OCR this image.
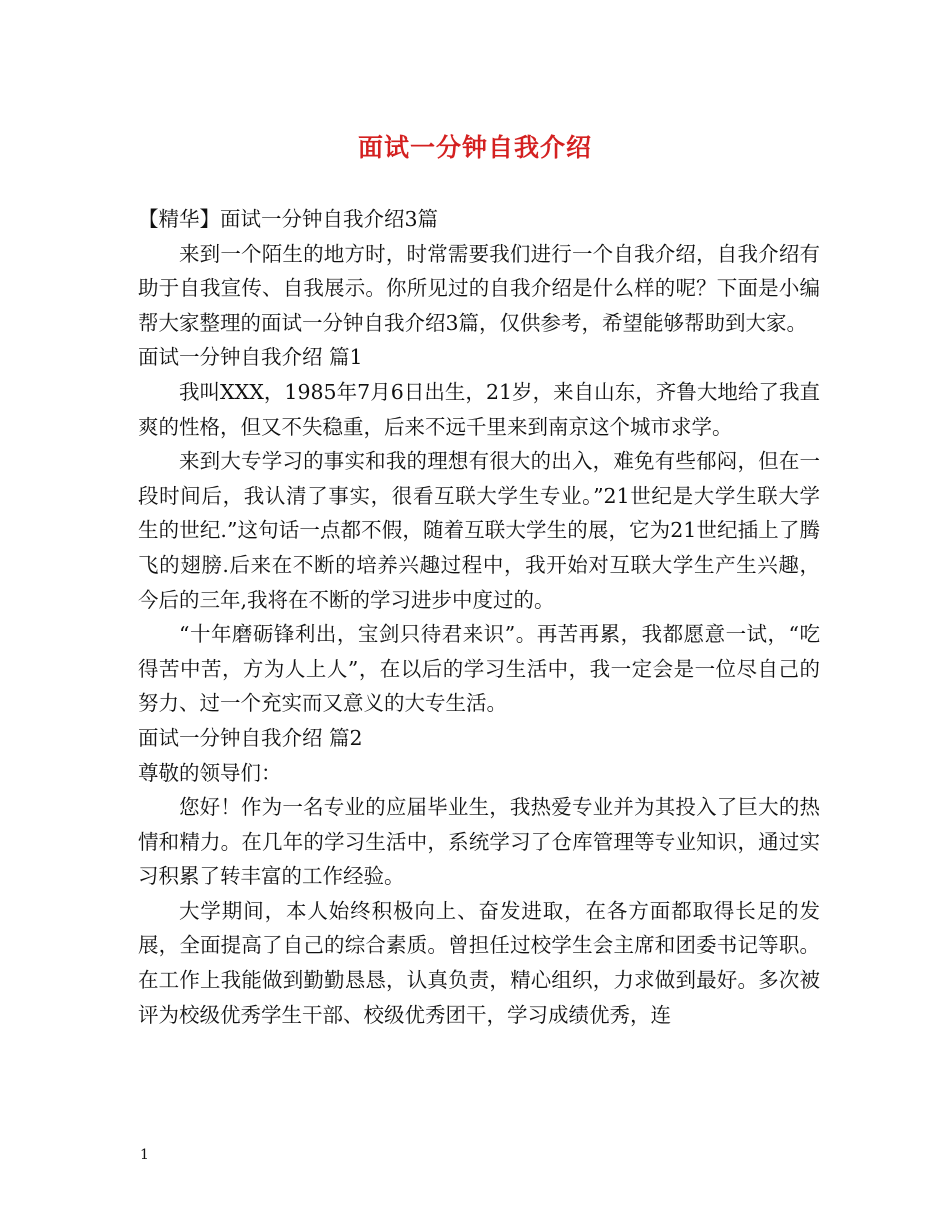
面试一分钟自我介绍

【精华】面试一分钟自我介绍3篇

来到一个陌生的地方时，时常需要我们进行一个自我介绍，自我介绍有助于自我宣传、自我展示。你所见过的自我介绍是什么样的呢？下面是小编帮大家整理的面试一分钟自我介绍3篇，仅供参考，希望能够帮助到大家。

面试一分钟自我介绍 篇1

我叫XXX，1985年7月6日出生，21岁，来自山东，齐鲁大地给了我直爽的性格，但又不失稳重，后来不远千里来到南京这个城市求学。

来到大专学习的事实和我的理想有很大的出入，难免有些郁闷，但在一段时间后，我认清了事实，很看互联大学生专业。”21世纪是大学生联大学生的世纪.”这句话一点都不假，随着互联大学生的展，它为21世纪插上了腾飞的翅膀.后来在不断的培养兴趣过程中，我开始对互联大学生产生兴趣，今后的三年,我将在不断的学习进步中度过的。

“十年磨砺锋利出，宝剑只待君来识”。再苦再累，我都愿意一试，“吃得苦中苦，方为人上人”，在以后的学习生活中，我一定会是一位尽自己的努力、过一个充实而又意义的大专生活。

面试一分钟自我介绍 篇2

尊敬的领导们：

您好！作为一名专业的应届毕业生，我热爱专业并为其投入了巨大的热情和精力。在几年的学习生活中，系统学习了仓库管理等专业知识，通过实习积累了转丰富的工作经验。

大学期间，本人始终积极向上、奋发进取，在各方面都取得长足的发展，全面提高了自己的综合素质。曾担任过校学生会主席和团委书记等职。在工作上我能做到勤勤恳恳，认真负责，精心组织，力求做到最好。多次被评为校级优秀学生干部、校级优秀团干，学习成绩优秀，连

1
